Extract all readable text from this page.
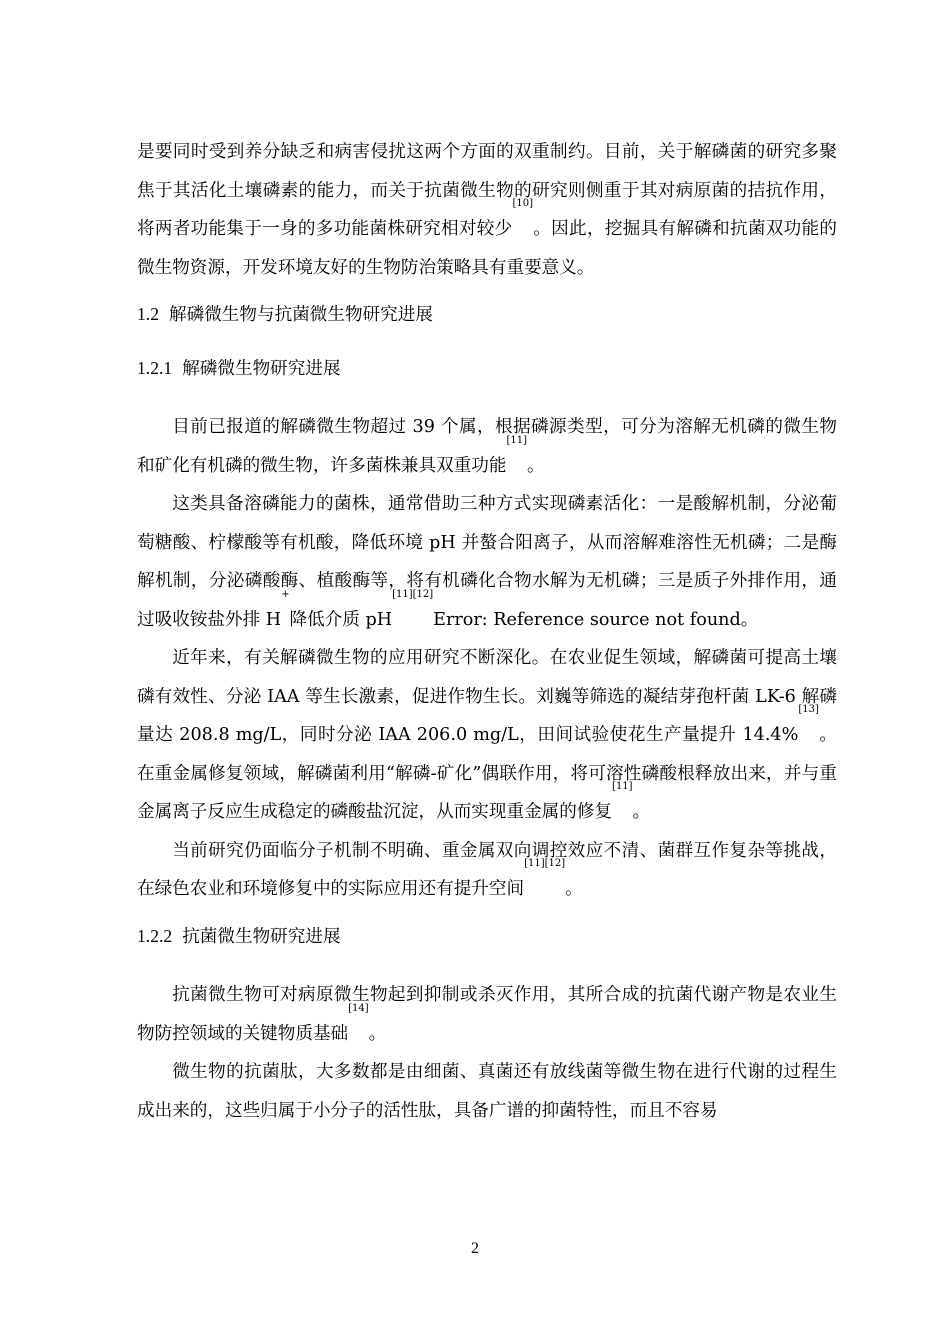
是要同时受到养分缺乏和病害侵扰这两个方面的双重制约。目前，关于解磷菌的研究多聚焦于其活化土壤磷素的能力，而关于抗菌微生物的研究则侧重于其对病原菌的拮抗作用，将两者功能集于一身的多功能菌株研究相对较少[10]。因此，挖掘具有解磷和抗菌双功能的微生物资源，开发环境友好的生物防治策略具有重要意义。

1.2 解磷微生物与抗菌微生物研究进展
1.2.1 解磷微生物研究进展

目前已报道的解磷微生物超过 39 个属，根据磷源类型，可分为溶解无机磷的微生物和矿化有机磷的微生物，许多菌株兼具双重功能[11]。

这类具备溶磷能力的菌株，通常借助三种方式实现磷素活化：一是酸解机制，分泌葡萄糖酸、柠檬酸等有机酸，降低环境 pH 并螯合阳离子，从而溶解难溶性无机磷；二是酶解机制，分泌磷酸酶、植酸酶等，将有机磷化合物水解为无机磷；三是质子外排作用，通过吸收铵盐外排 H+降低介质 pH[11][12]Error: Reference source not found。

近年来，有关解磷微生物的应用研究不断深化。在农业促生领域，解磷菌可提高土壤磷有效性、分泌 IAA 等生长激素，促进作物生长。刘巍等筛选的凝结芽孢杆菌 LK-6 解磷量达 208.8 mg/L，同时分泌 IAA 206.0 mg/L，田间试验使花生产量提升 14.4%[13]。在重金属修复领域，解磷菌利用“解磷-矿化”偶联作用，将可溶性磷酸根释放出来，并与重金属离子反应生成稳定的磷酸盐沉淀，从而实现重金属的修复[11]。

当前研究仍面临分子机制不明确、重金属双向调控效应不清、菌群互作复杂等挑战，在绿色农业和环境修复中的实际应用还有提升空间[11][12]。

1.2.2 抗菌微生物研究进展

抗菌微生物可对病原微生物起到抑制或杀灭作用，其所合成的抗菌代谢产物是农业生物防控领域的关键物质基础[14]。

微生物的抗菌肽，大多数都是由细菌、真菌还有放线菌等微生物在进行代谢的过程生成出来的，这些归属于小分子的活性肽，具备广谱的抑菌特性，而且不容易

2
